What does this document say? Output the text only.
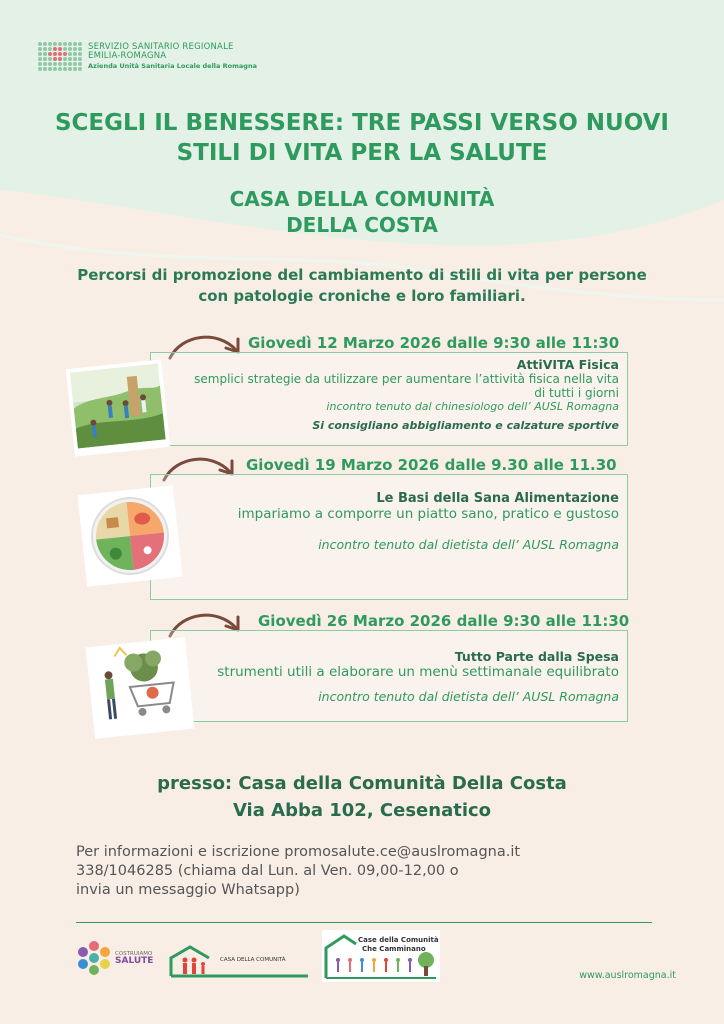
SERVIZIO SANITARIO REGIONALE
EMILIA-ROMAGNA
Azienda Unità Sanitaria Locale della Romagna
SCEGLI IL BENESSERE: TRE PASSI VERSO NUOVI
STILI DI VITA PER LA SALUTE
CASA DELLA COMUNITÀ
DELLA COSTA
Percorsi di promozione del cambiamento di stili di vita per persone
con patologie croniche e loro familiari.
Giovedì 12 Marzo 2026 dalle 9:30 alle 11:30
AttiVITA Fisica
semplici strategie da utilizzare per aumentare l’attività fisica nella vita
di tutti i giorni
incontro tenuto dal chinesiologo dell’ AUSL Romagna
Si consigliano abbigliamento e calzature sportive
Giovedì 19 Marzo 2026 dalle 9.30 alle 11.30
Le Basi della Sana Alimentazione
impariamo a comporre un piatto sano, pratico e gustoso
incontro tenuto dal dietista dell’ AUSL Romagna
Giovedì 26 Marzo 2026 dalle 9:30 alle 11:30
Tutto Parte dalla Spesa
strumenti utili a elaborare un menù settimanale equilibrato
incontro tenuto dal dietista dell’ AUSL Romagna
presso: Casa della Comunità Della Costa
Via Abba 102, Cesenatico
Per informazioni e iscrizione promosalute.ce@auslromagna.it
338/1046285 (chiama dal Lun. al Ven. 09,00-12,00 o
invia un messaggio Whatsapp)
COSTRUIAMO
SALUTE	CASA DELLA COMUNITÀ
Case della Comunità
Che Camminano
www.auslromagna.it
